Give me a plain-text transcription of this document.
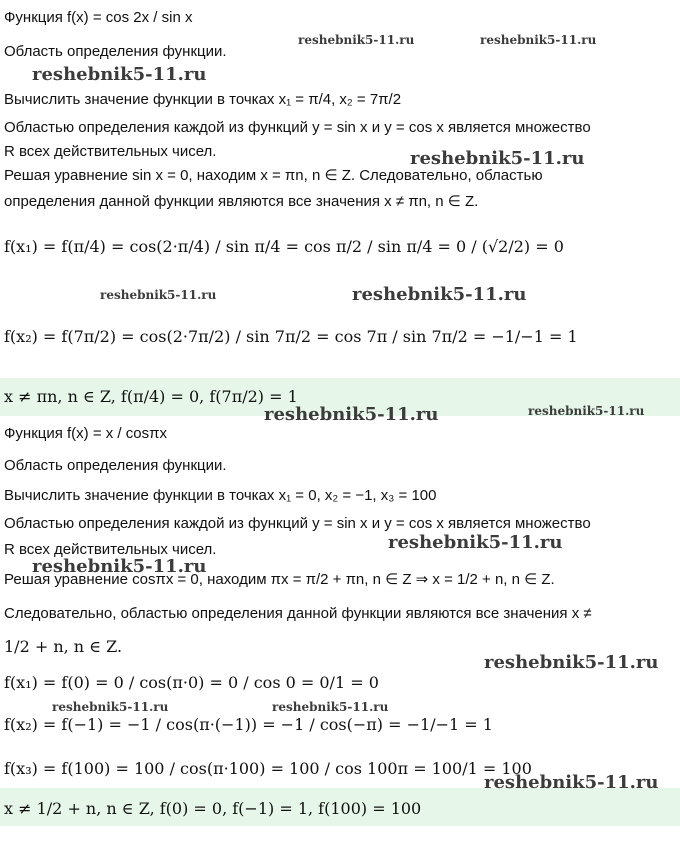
Функция f(x) = cos 2x / sin x
Область определения функции.
Вычислить значение функции в точках x₁ = π/4, x₂ = 7π/2
Областью определения каждой из функций y = sin x и y = cos x является множество
R всех действительных чисел.
Решая уравнение sin x = 0, находим x = πn, n ∈ Z. Следовательно, областью
определения данной функции являются все значения x ≠ πn, n ∈ Z.
f(x₁) = f(π/4) = cos(2·π/4) / sin π/4 = cos π/2 / sin π/4 = 0 / (√2/2) = 0
f(x₂) = f(7π/2) = cos(2·7π/2) / sin 7π/2 = cos 7π / sin 7π/2 = −1/−1 = 1
x ≠ πn, n ∈ Z, f(π/4) = 0, f(7π/2) = 1
Функция f(x) = x / cosπx
Область определения функции.
Вычислить значение функции в точках x₁ = 0, x₂ = −1, x₃ = 100
Областью определения каждой из функций y = sin x и y = cos x является множество
R всех действительных чисел.
Решая уравнение cosπx = 0, находим πx = π/2 + πn, n ∈ Z ⇒ x = 1/2 + n, n ∈ Z.
Следовательно, областью определения данной функции являются все значения x ≠
1/2 + n, n ∈ Z.
f(x₁) = f(0) = 0 / cos(π·0) = 0 / cos 0 = 0/1 = 0
f(x₂) = f(−1) = −1 / cos(π·(−1)) = −1 / cos(−π) = −1/−1 = 1
f(x₃) = f(100) = 100 / cos(π·100) = 100 / cos 100π = 100/1 = 100
x ≠ 1/2 + n, n ∈ Z, f(0) = 0, f(−1) = 1, f(100) = 100
reshebnik5-11.ru	reshebnik5-11.ru
reshebnik5-11.ru
reshebnik5-11.ru
reshebnik5-11.ru	reshebnik5-11.ru
reshebnik5-11.ru	reshebnik5-11.ru
reshebnik5-11.ru
reshebnik5-11.ru
reshebnik5-11.ru
reshebnik5-11.ru	reshebnik5-11.ru
reshebnik5-11.ru
